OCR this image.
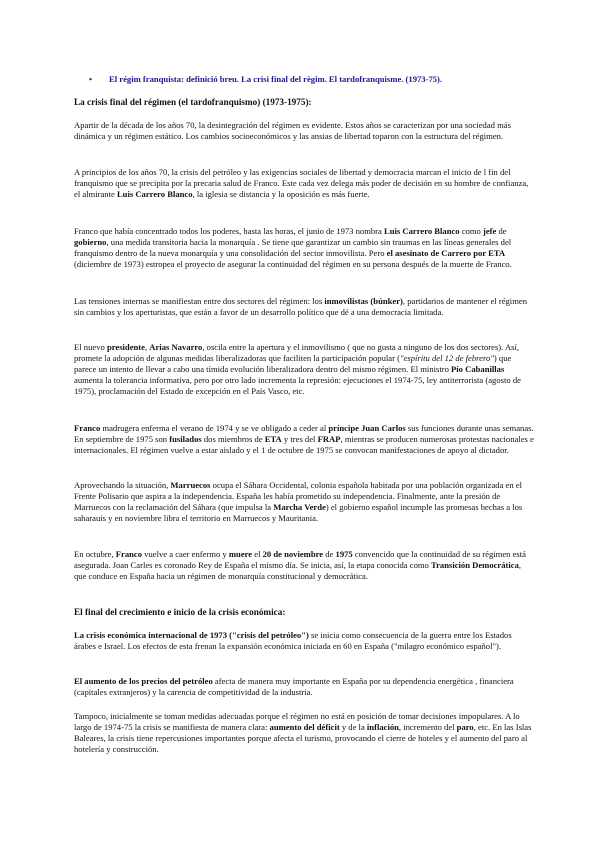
• El régim franquista: definició breu. La crisi final del règim. El tardofranquisme. (1973-75).
La crisis final del régimen (el tardofranquismo) (1973-1975):

Apartir de la década de los años 70, la desintegración del régimen es evidente. Estos años se caracterizan por una sociedad más dinámica y un régimen estático. Los cambios socioeconómicos y las ansias de libertad toparon con la estructura del régimen.

A principios de los años 70, la crisis del petróleo y las exigencias sociales de libertad y democracia marcan el inicio de l fin del franquismo que se precipita por la precaria salud de Franco. Este cada vez delega más poder de decisión en su hombre de confianza, el almirante Luis Carrero Blanco, la iglesia se distancia y la oposición es más fuerte.

Franco que había concentrado todos los poderes, hasta las horas, el junio de 1973 nombra Luis Carrero Blanco como jefe de gobierno, una medida transitoria hacia la monarquía . Se tiene que garantizar un cambio sin traumas en las líneas generales del franquismo dentro de la nueva monarquía y una consolidación del sector inmovilista. Pero el asesinato de Carrero por ETA (diciembre de 1973) estropea el proyecto de asegurar la continuidad del régimen en su persona después de la muerte de Franco.

Las tensiones internas se manifiestan entre dos sectores del régimen: los inmovilistas (búnker), partidarios de mantener el régimen sin cambios y los aperturistas, que están a favor de un desarrollo político que dé a una democracia limitada.

El nuevo presidente, Arias Navarro, oscila entre la apertura y el inmovilismo ( que no gusta a ninguno de los dos sectores). Así, promete la adopción de algunas medidas liberalizadoras que faciliten la participación popular ("espíritu del 12 de febrero") que parece un intento de llevar a cabo una tímida evolución liberalizadora dentro del mismo régimen. El ministro Pío Cabanillas aumenta la tolerancia informativa, pero por otro lado incrementa la represión: ejecuciones el 1974-75, ley antiterrorista (agosto de 1975), proclamación del Estado de excepción en el País Vasco, etc.

Franco madrugera enferma el verano de 1974 y se ve obligado a ceder al príncipe Juan Carlos sus funciones durante unas semanas. En septiembre de 1975 son fusilados dos miembros de ETA y tres del FRAP, mientras se producen numerosas protestas nacionales e internacionales. El régimen vuelve a estar aislado y el 1 de octubre de 1975 se convocan manifestaciones de apoyo al dictador.

Aprovechando la situación, Marruecos ocupa el Sáhara Occidental, colonia española habitada por una población organizada en el Frente Polisario que aspira a la independencia. España les había prometido su independencia. Finalmente, ante la presión de Marruecos con la reclamación del Sáhara (que impulsa la Marcha Verde) el gobierno español incumple las promesas hechas a los saharauis y en noviembre libra el territorio en Marruecos y Mauritania.

En octubre, Franco vuelve a caer enfermo y muere el 20 de noviembre de 1975 convencido que la continuidad de su régimen está asegurada. Joan Carles es coronado Rey de España el mismo día. Se inicia, así, la etapa conocida como Transición Democrática, que conduce en España hacia un régimen de monarquía constitucional y democrática.

El final del crecimiento e inicio de la crisis económica:

La crisis económica internacional de 1973 ("crisis del petróleo") se inicia como consecuencia de la guerra entre los Estados árabes e Israel. Los efectos de esta frenan la expansión económica iniciada en 60 en España ("milagro económico español").

El aumento de los precios del petróleo afecta de manera muy importante en España por su dependencia energética , financiera (capitales extranjeros) y la carencia de competitividad de la industria.

Tampoco, inicialmente se toman medidas adecuadas porque el régimen no está en posición de tomar decisiones impopulares. A lo largo de 1974-75 la crisis se manifiesta de manera clara: aumento del déficit y de la inflación, incremento del paro, etc. En las Islas Baleares, la crisis tiene repercusiones importantes porque afecta el turismo, provocando el cierre de hoteles y el aumento del paro al hotelería y construcción.
